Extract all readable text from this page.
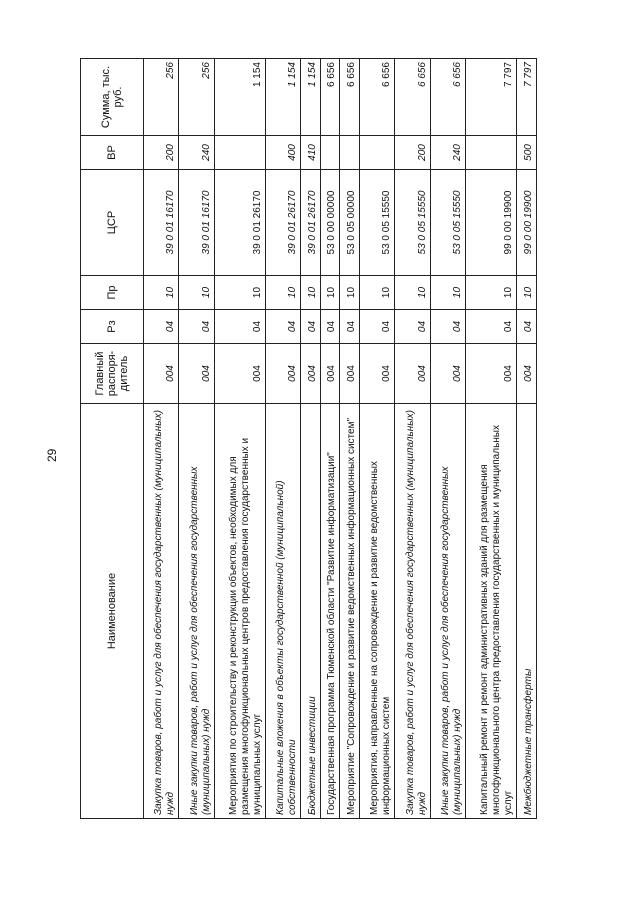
29
Наименование	Главный распоря-дитель	Рз	Пр	ЦСР	ВР	Сумма, тыс. руб.
Закупка товаров, работ и услуг для обеспечения государственных (муниципальных) нужд	004	04	10	39 0 01 16170	200	256
Иные закупки товаров, работ и услуг для обеспечения государственных (муниципальных) нужд	004	04	10	39 0 01 16170	240	256
Мероприятия по строительству и реконструкции объектов, необходимых для размещения многофункциональных центров предоставления государственных и муниципальных услуг	004	04	10	39 0 01 26170		1 154
Капитальные вложения в объекты государственной (муниципальной) собственности	004	04	10	39 0 01 26170	400	1 154
Бюджетные инвестиции	004	04	10	39 0 01 26170	410	1 154
Государственная программа Тюменской области "Развитие информатизации"	004	04	10	53 0 00 00000		6 656
Мероприятие "Сопровождение и развитие ведомственных информационных систем"	004	04	10	53 0 05 00000		6 656
Мероприятия, направленные на сопровождение и развитие ведомственных информационных систем	004	04	10	53 0 05 15550		6 656
Закупка товаров, работ и услуг для обеспечения государственных (муниципальных) нужд	004	04	10	53 0 05 15550	200	6 656
Иные закупки товаров, работ и услуг для обеспечения государственных (муниципальных) нужд	004	04	10	53 0 05 15550	240	6 656
Капитальный ремонт и ремонт административных зданий для размещения многофункционального центра предоставления государственных и муниципальных услуг	004	04	10	99 0 00 19900		7 797
Межбюджетные трансферты	004	04	10	99 0 00 19900	500	7 797
